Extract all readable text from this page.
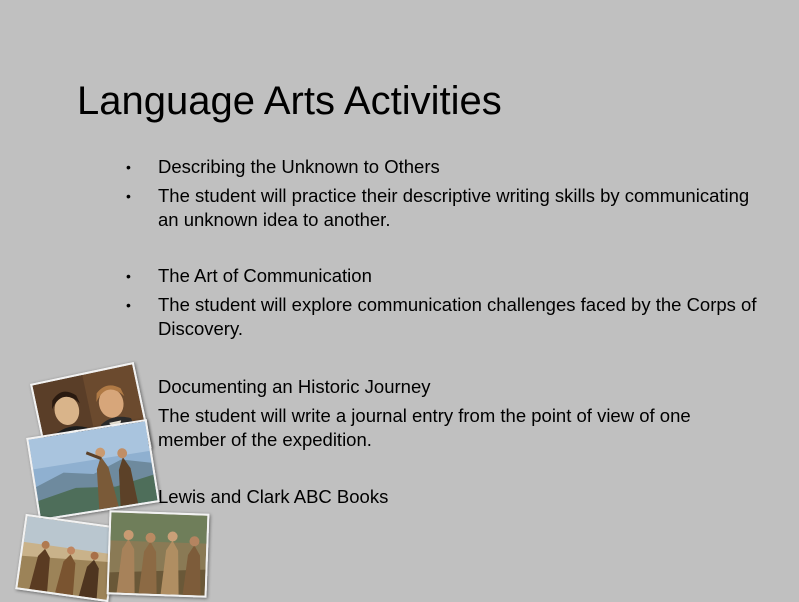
Language Arts Activities
•	Describing the Unknown to Others
•	The student will practice their descriptive writing skills by communicating an unknown idea to another.
•	The Art of Communication
•	The student will explore communication challenges faced by the Corps of Discovery.
Documenting an Historic Journey
The student will write a journal entry from the point of view of one member of the expedition.
Lewis and Clark ABC Books
